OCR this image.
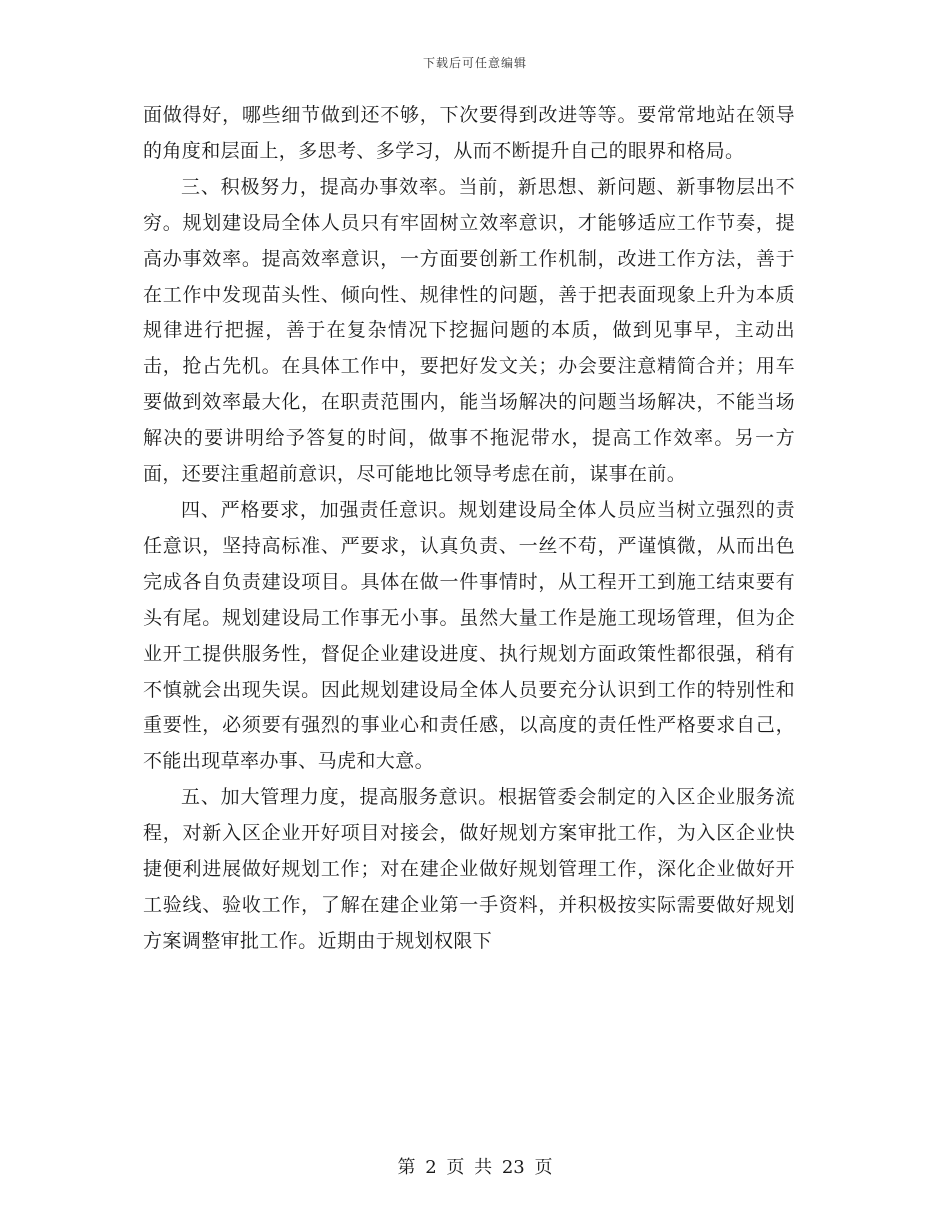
下载后可任意编辑

面做得好，哪些细节做到还不够，下次要得到改进等等。要常常地站在领导的角度和层面上，多思考、多学习，从而不断提升自己的眼界和格局。

三、积极努力，提高办事效率。当前，新思想、新问题、新事物层出不穷。规划建设局全体人员只有牢固树立效率意识，才能够适应工作节奏，提高办事效率。提高效率意识，一方面要创新工作机制，改进工作方法，善于在工作中发现苗头性、倾向性、规律性的问题，善于把表面现象上升为本质规律进行把握，善于在复杂情况下挖掘问题的本质，做到见事早，主动出击，抢占先机。在具体工作中，要把好发文关；办会要注意精简合并；用车要做到效率最大化，在职责范围内，能当场解决的问题当场解决，不能当场解决的要讲明给予答复的时间，做事不拖泥带水，提高工作效率。另一方面，还要注重超前意识，尽可能地比领导考虑在前，谋事在前。

四、严格要求，加强责任意识。规划建设局全体人员应当树立强烈的责任意识，坚持高标准、严要求，认真负责、一丝不苟，严谨慎微，从而出色完成各自负责建设项目。具体在做一件事情时，从工程开工到施工结束要有头有尾。规划建设局工作事无小事。虽然大量工作是施工现场管理，但为企业开工提供服务性，督促企业建设进度、执行规划方面政策性都很强，稍有不慎就会出现失误。因此规划建设局全体人员要充分认识到工作的特别性和重要性，必须要有强烈的事业心和责任感，以高度的责任性严格要求自己，不能出现草率办事、马虎和大意。

五、加大管理力度，提高服务意识。根据管委会制定的入区企业服务流程，对新入区企业开好项目对接会，做好规划方案审批工作，为入区企业快捷便利进展做好规划工作；对在建企业做好规划管理工作，深化企业做好开工验线、验收工作，了解在建企业第一手资料，并积极按实际需要做好规划方案调整审批工作。近期由于规划权限下

第 2 页 共 23 页
